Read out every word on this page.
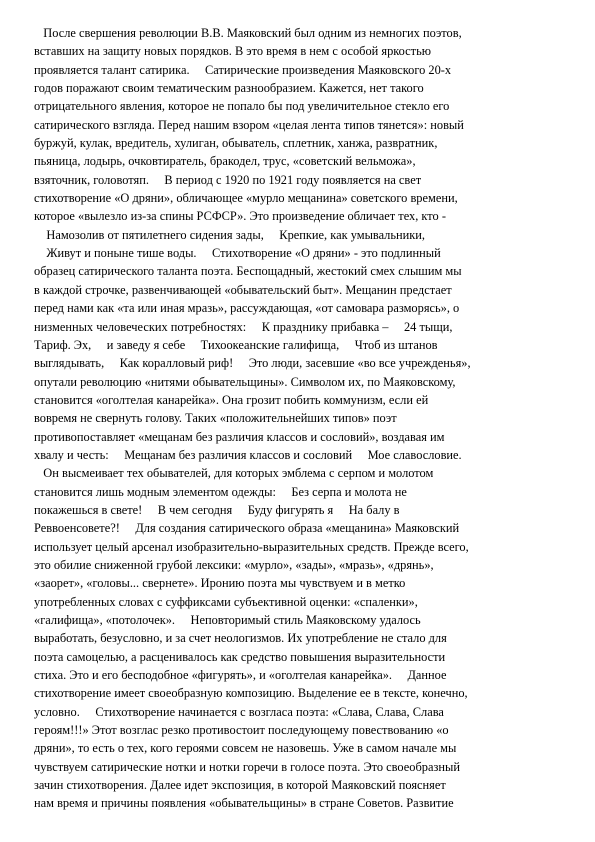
После свершения революции В.В. Маяковский был одним из немногих поэтов,
вставших на защиту новых порядков. В это время в нем с особой яркостью
проявляется талант сатирика.     Сатирические произведения Маяковского 20-х
годов поражают своим тематическим разнообразием. Кажется, нет такого
отрицательного явления, которое не попало бы под увеличительное стекло его
сатирического взгляда. Перед нашим взором «целая лента типов тянется»: новый
буржуй, кулак, вредитель, хулиган, обыватель, сплетник, ханжа, развратник,
пьяница, лодырь, очковтиратель, бракодел, трус, «советский вельможа»,
взяточник, головотяп.     В период с 1920 по 1921 году появляется на свет
стихотворение «О дряни», обличающее «мурло мещанина» советского времени,
которое «вылезло из-за спины РСФСР». Это произведение обличает тех, кто -
Намозолив от пятилетнего сидения зады,     Крепкие, как умывальники,
Живут и поныне тише воды.     Стихотворение «О дряни» - это подлинный
образец сатирического таланта поэта. Беспощадный, жестокий смех слышим мы
в каждой строчке, развенчивающей «обывательский быт». Мещанин предстает
перед нами как «та или иная мразь», рассуждающая, «от самовара разморясь», о
низменных человеческих потребностях:     К празднику прибавка –     24 тыщи,
Тариф. Эх,     и заведу я себе     Тихоокеанские галифища,     Чтоб из штанов
выглядывать,     Как коралловый риф!     Это люди, засевшие «во все учрежденья»,
опутали революцию «нитями обывательщины». Символом их, по Маяковскому,
становится «оголтелая канарейка». Она грозит побить коммунизм, если ей
вовремя не свернуть голову. Таких «положительнейших типов» поэт
противопоставляет «мещанам без различия классов и сословий», воздавая им
хвалу и честь:     Мещанам без различия классов и сословий     Мое славословие.
Он высмеивает тех обывателей, для которых эмблема с серпом и молотом
становится лишь модным элементом одежды:     Без серпа и молота не
покажешься в свете!     В чем сегодня     Буду фигурять я     На балу в
Реввоенсовете?!     Для создания сатирического образа «мещанина» Маяковский
использует целый арсенал изобразительно-выразительных средств. Прежде всего,
это обилие сниженной грубой лексики: «мурло», «зады», «мразь», «дрянь»,
«заорет», «головы... свернете». Иронию поэта мы чувствуем и в метко
употребленных словах с суффиксами субъективной оценки: «спаленки»,
«галифища», «потолочек».     Неповторимый стиль Маяковскому удалось
выработать, безусловно, и за счет неологизмов. Их употребление не стало для
поэта самоцелью, а расценивалось как средство повышения выразительности
стиха. Это и его бесподобное «фигурять», и «оголтелая канарейка».     Данное
стихотворение имеет своеобразную композицию. Выделение ее в тексте, конечно,
условно.     Стихотворение начинается с возгласа поэта: «Слава, Слава, Слава
героям!!!» Этот возглас резко противостоит последующему повествованию «о
дряни», то есть о тех, кого героями совсем не назовешь. Уже в самом начале мы
чувствуем сатирические нотки и нотки горечи в голосе поэта. Это своеобразный
зачин стихотворения. Далее идет экспозиция, в которой Маяковский поясняет
нам время и причины появления «обывательщины» в стране Советов. Развитие
